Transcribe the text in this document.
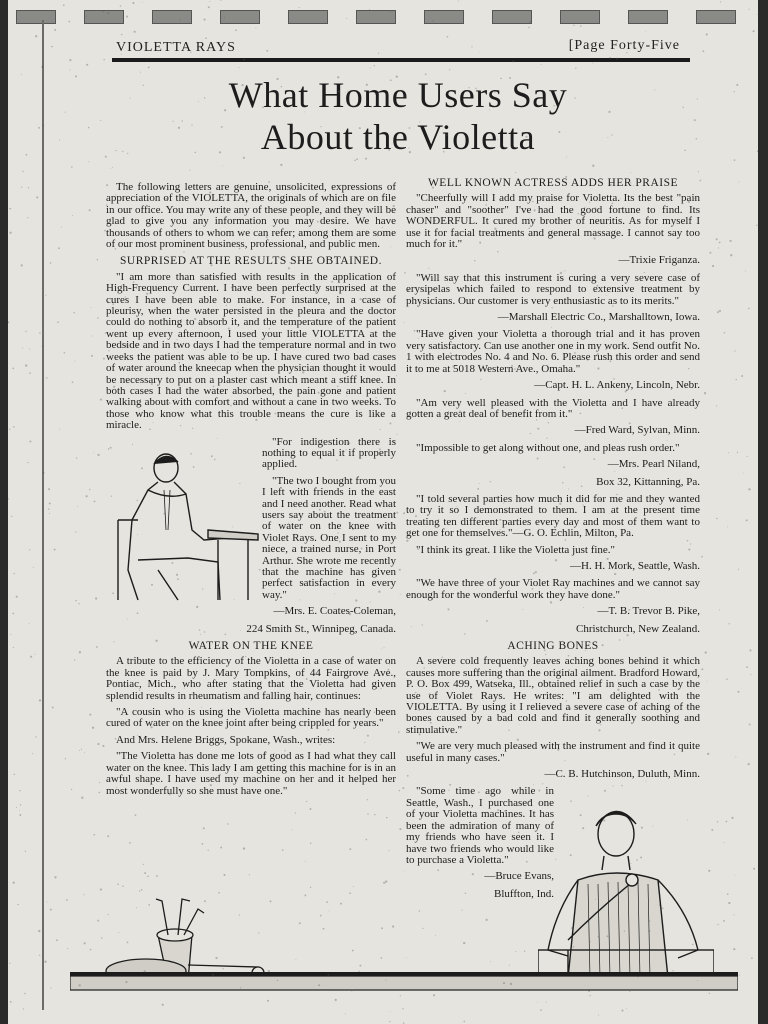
VIOLETTA RAYS	[Page Forty-Five
What Home Users Say
About the Violetta

The following letters are genuine, unsolicited, expressions of appreciation of the VIOLETTA, the originals of which are on file in our office. You may write any of these people, and they will be glad to give you any information you may desire. We have thousands of others to whom we can refer; among them are some of our most prominent business, professional, and public men.

SURPRISED AT THE RESULTS SHE OBTAINED.

"I am more than satisfied with results in the application of High-Frequency Current. I have been perfectly surprised at the cures I have been able to make. For instance, in a case of pleurisy, when the water persisted in the pleura and the doctor could do nothing to absorb it, and the temperature of the patient went up every afternoon, I used your little VIOLETTA at the bedside and in two days I had the temperature normal and in two weeks the patient was able to be up. I have cured two bad cases of water around the kneecap when the physician thought it would be necessary to put on a plaster cast which meant a stiff knee. In both cases I had the water absorbed, the pain gone and patient walking about with comfort and without a cane in two weeks. To those who know what this trouble means the cure is like a miracle.

"For indigestion there is nothing to equal it if properly applied.

"The two I bought from you I left with friends in the east and I need another. Read what users say about the treatment of water on the knee with Violet Rays. One I sent to my niece, a trained nurse, in Port Arthur. She wrote me recently that the machine has given perfect satisfaction in every way."

—Mrs. E. Coates-Coleman,
224 Smith St., Winnipeg, Canada.
WATER ON THE KNEE

A tribute to the efficiency of the Violetta in a case of water on the knee is paid by J. Mary Tompkins, of 44 Fairgrove Ave., Pontiac, Mich., who after stating that the Violetta had given splendid results in rheumatism and falling hair, continues:

"A cousin who is using the Violetta machine has nearly been cured of water on the knee joint after being crippled for years."

And Mrs. Helene Briggs, Spokane, Wash., writes:

"The Violetta has done me lots of good as I had what they call water on the knee. This lady I am getting this machine for is in an awful shape. I have used my machine on her and it helped her most wonderfully so she must have one."

WELL KNOWN ACTRESS ADDS HER PRAISE

"Cheerfully will I add my praise for Violetta. Its the best "pain chaser" and "soother" I've had the good fortune to find. Its WONDERFUL. It cured my brother of neuritis. As for myself I use it for facial treatments and general massage. I cannot say too much for it."

—Trixie Friganza.

"Will say that this instrument is curing a very severe case of erysipelas which failed to respond to extensive treatment by physicians. Our customer is very enthusiastic as to its merits."

—Marshall Electric Co., Marshalltown, Iowa.

"Have given your Violetta a thorough trial and it has proven very satisfactory. Can use another one in my work. Send outfit No. 1 with electrodes No. 4 and No. 6. Please rush this order and send it to me at 5018 Western Ave., Omaha."

—Capt. H. L. Ankeny, Lincoln, Nebr.

"Am very well pleased with the Violetta and I have already gotten a great deal of benefit from it."

—Fred Ward, Sylvan, Minn.

"Impossible to get along without one, and pleas rush order."

—Mrs. Pearl Niland,
Box 32, Kittanning, Pa.

"I told several parties how much it did for me and they wanted to try it so I demonstrated to them. I am at the present time treating ten different parties every day and most of them want to get one for themselves."—G. O. Echlin, Milton, Pa.

"I think its great. I like the Violetta just fine."

—H. H. Mork, Seattle, Wash.

"We have three of your Violet Ray machines and we cannot say enough for the wonderful work they have done."

—T. B. Trevor B. Pike,
Christchurch, New Zealand.
ACHING BONES

A severe cold frequently leaves aching bones behind it which causes more suffering than the original ailment. Bradford Howard, P. O. Box 499, Watseka, Ill., obtained relief in such a case by the use of Violet Rays. He writes: "I am delighted with the VIOLETTA. By using it I relieved a severe case of aching of the bones caused by a bad cold and find it generally soothing and stimulative."

"We are very much pleased with the instrument and find it quite useful in many cases."

—C. B. Hutchinson, Duluth, Minn.

"Some time ago while in Seattle, Wash., I purchased one of your Violetta machines. It has been the admiration of many of my friends who have seen it. I have two friends who would like to purchase a Violetta."

—Bruce Evans,
Bluffton, Ind.
